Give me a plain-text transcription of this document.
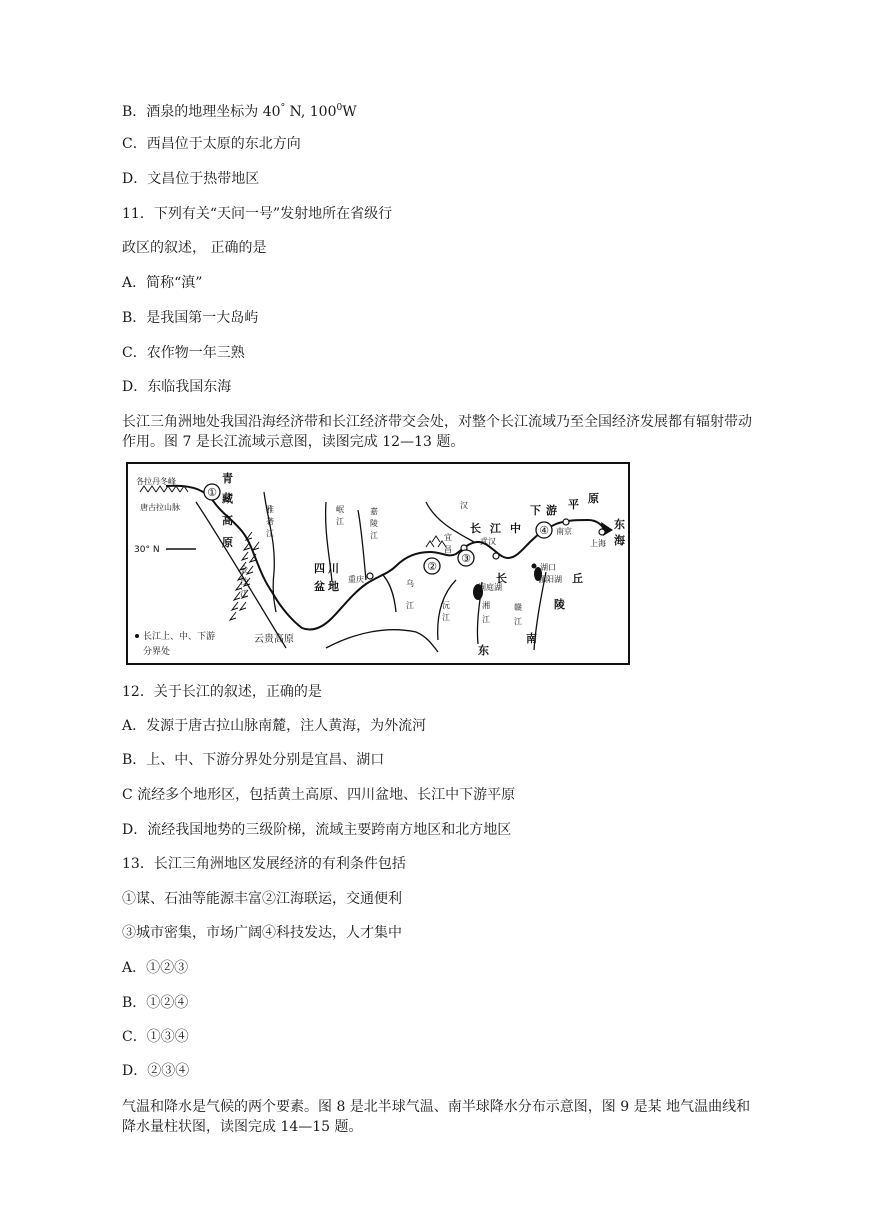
B．酒泉的地理坐标为 40° N, $100^0W$
C．西昌位于太原的东北方向
D．文昌位于热带地区
11．下列有关“天问一号”发射地所在省级行
政区的叙述， 正确的是
A．简称“滇”
B．是我国第一大岛屿
C．农作物一年三熟
D．东临我国东海
长江三角洲地处我国沿海经济带和长江经济带交会处，对整个长江流域乃至全国经济发展都有辐射带动作用。图 7 是长江流域示意图，读图完成 12—13 题。
30° N
①
②
③
④
各拉丹冬峰
唐古拉山脉
云贵高原
青
藏
高
原
四 川
盆 地
长 江 中
下 游 平 原
东
海
丘
陵
南
东
长
雅
砻
江
金
沙
江
岷
江
嘉
陵
江
重庆
汉
宜
昌
武汉
南京
上海
湖口
鄱阳湖
洞庭湖
乌
江	沅
江
湘
江
赣
江
长江上、中、下游
分界处
12．关于长江的叙述，正确的是
A．发源于唐古拉山脉南麓，注人黄海，为外流河
B．上、中、下游分界处分别是宜昌、湖口
C 流经多个地形区，包括黄土高原、四川盆地、长江中下游平原
D．流经我国地势的三级阶梯，流域主要跨南方地区和北方地区
13．长江三角洲地区发展经济的有利条件包括
①谋、石油等能源丰富②江海联运，交通便利
③城市密集，市场广阔④科技发达，人才集中
A．①②③
B．①②④
C．①③④
D．②③④
气温和降水是气候的两个要素。图 8 是北半球气温、南半球降水分布示意图，图 9 是某 地气温曲线和降水量柱状图，读图完成 14—15 题。
